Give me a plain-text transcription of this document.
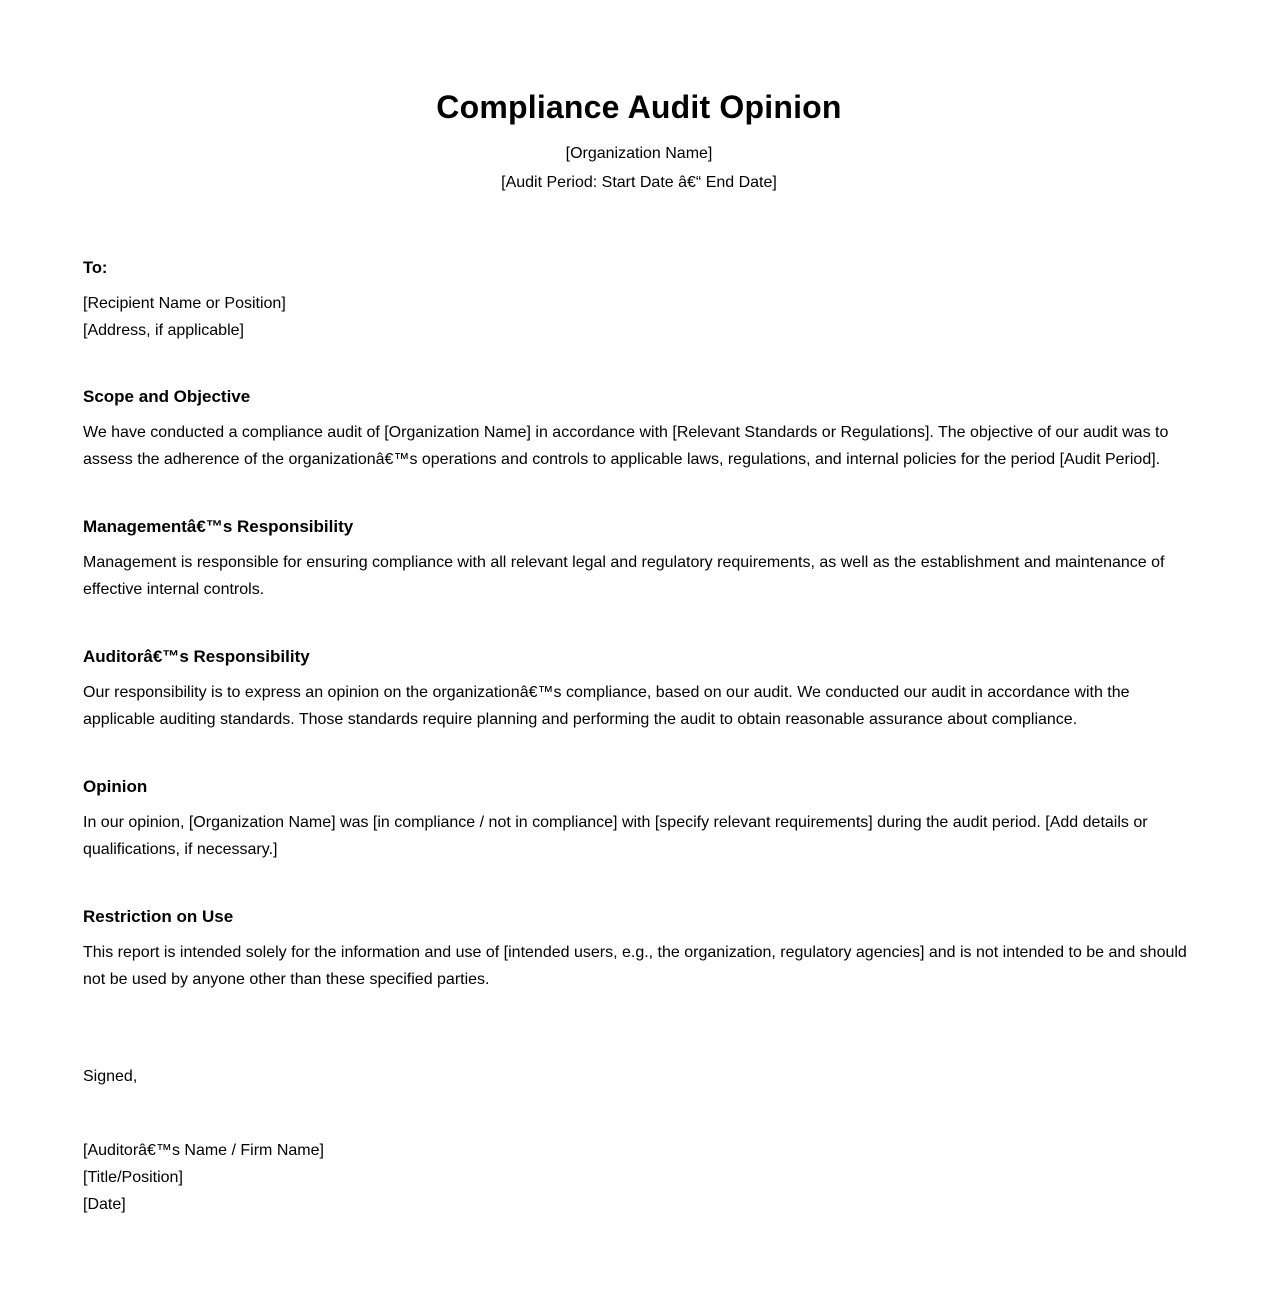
Compliance Audit Opinion
[Organization Name]
[Audit Period: Start Date â€“ End Date]

To:

[Recipient Name or Position]
[Address, if applicable]

Scope and Objective

We have conducted a compliance audit of [Organization Name] in accordance with [Relevant Standards or Regulations]. The objective of our audit was to assess the adherence of the organizationâ€™s operations and controls to applicable laws, regulations, and internal policies for the period [Audit Period].

Managementâ€™s Responsibility

Management is responsible for ensuring compliance with all relevant legal and regulatory requirements, as well as the establishment and maintenance of effective internal controls.

Auditorâ€™s Responsibility

Our responsibility is to express an opinion on the organizationâ€™s compliance, based on our audit. We conducted our audit in accordance with the applicable auditing standards. Those standards require planning and performing the audit to obtain reasonable assurance about compliance.

Opinion

In our opinion, [Organization Name] was [in compliance / not in compliance] with [specify relevant requirements] during the audit period. [Add details or qualifications, if necessary.]

Restriction on Use

This report is intended solely for the information and use of [intended users, e.g., the organization, regulatory agencies] and is not intended to be and should not be used by anyone other than these specified parties.

Signed,

[Auditorâ€™s Name / Firm Name]
[Title/Position]
[Date]
